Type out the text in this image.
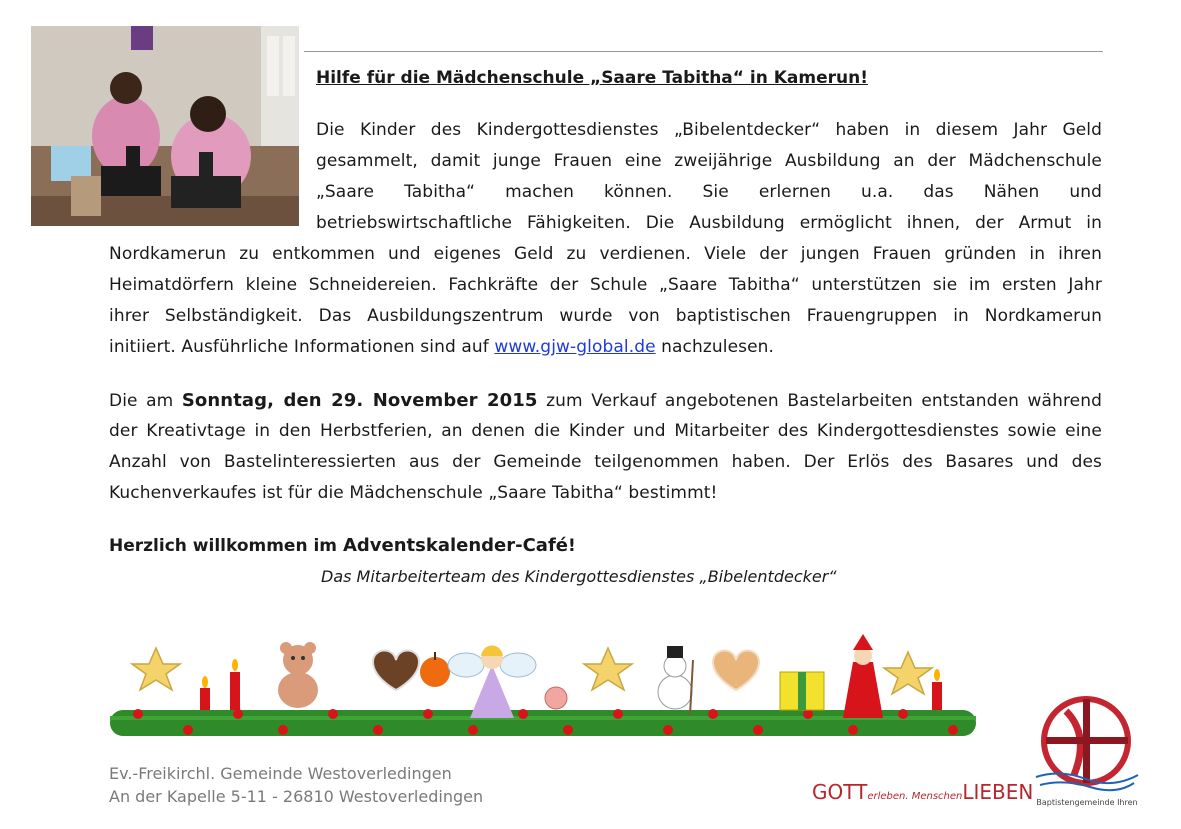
Hilfe für die Mädchenschule „Saare Tabitha“ in Kamerun!
Die Kinder des Kindergottesdienstes „Bibelentdecker“ haben in diesem Jahr Geld
gesammelt, damit junge Frauen eine zweijährige Ausbildung an der Mädchenschule
„Saare Tabitha“ machen können. Sie erlernen u.a. das Nähen und
betriebswirtschaftliche Fähigkeiten. Die Ausbildung ermöglicht ihnen, der Armut in
Nordkamerun zu entkommen und eigenes Geld zu verdienen. Viele der jungen Frauen gründen in ihren
Heimatdörfern kleine Schneidereien. Fachkräfte der Schule „Saare Tabitha“ unterstützen sie im ersten Jahr
ihrer Selbständigkeit. Das Ausbildungszentrum wurde von baptistischen Frauengruppen in Nordkamerun
initiiert. Ausführliche Informationen sind auf www.gjw-global.de nachzulesen.
Die am Sonntag, den 29. November 2015 zum Verkauf angebotenen Bastelarbeiten entstanden während
der Kreativtage in den Herbstferien, an denen die Kinder und Mitarbeiter des Kindergottesdienstes sowie eine
Anzahl von Bastelinteressierten aus der Gemeinde teilgenommen haben. Der Erlös des Basares und des
Kuchenverkaufes ist für die Mädchenschule „Saare Tabitha“ bestimmt!
Herzlich willkommen im Adventskalender-Café!
Das Mitarbeiterteam des Kindergottesdienstes „Bibelentdecker“
Ev.-Freikirchl. Gemeinde Westoverledingen
An der Kapelle 5-11 - 26810 Westoverledingen	GOTTerleben. MenschenLIEBEN Baptistengemeinde Ihren
